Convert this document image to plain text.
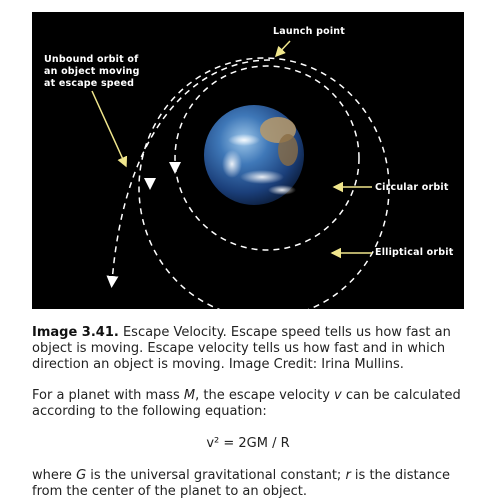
Launch point
Unbound orbit of
an object moving
at escape speed
Circular orbit
Elliptical orbit
Image 3.41. Escape Velocity. Escape speed tells us how fast an object is moving. Escape velocity tells us how fast and in which direction an object is moving. Image Credit: Irina Mullins.
For a planet with mass M, the escape velocity v can be calculated according to the following equation:
v² = 2GM / R
where G is the universal gravitational constant; r is the distance from the center of the planet to an object.
